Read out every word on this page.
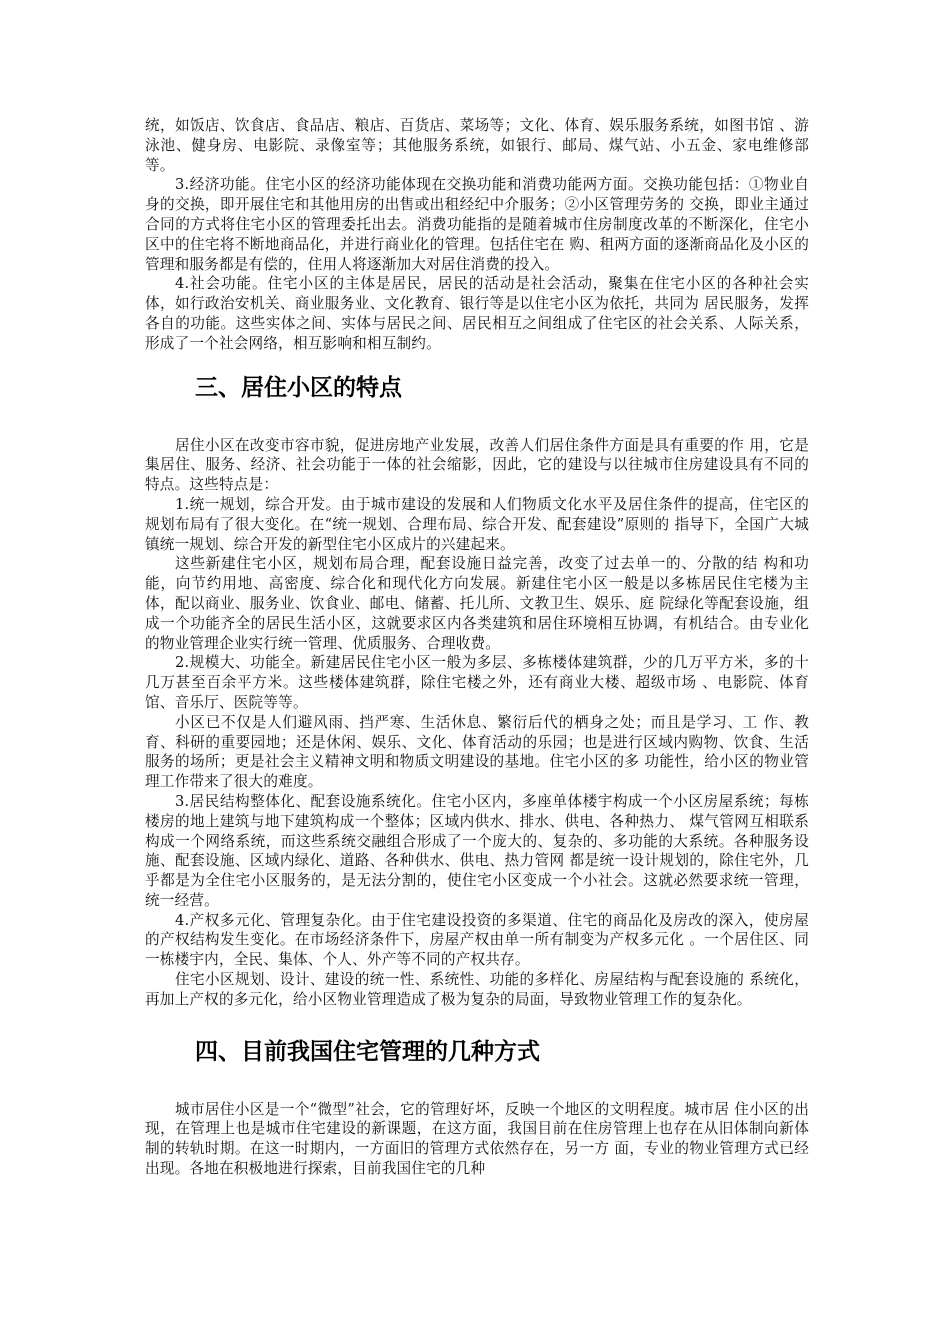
统，如饭店、饮食店、食品店、粮店、百货店、菜场等；文化、体育、娱乐服务系统，如图书馆 、游泳池、健身房、电影院、录像室等；其他服务系统，如银行、邮局、煤气站、小五金、家电维修部等。

3.经济功能。住宅小区的经济功能体现在交换功能和消费功能两方面。交换功能包括：①物业自身的交换，即开展住宅和其他用房的出售或出租经纪中介服务；②小区管理劳务的 交换，即业主通过合同的方式将住宅小区的管理委托出去。消费功能指的是随着城市住房制度改革的不断深化，住宅小区中的住宅将不断地商品化，并进行商业化的管理。包括住宅在 购、租两方面的逐渐商品化及小区的管理和服务都是有偿的，住用人将逐渐加大对居住消费的投入。

4.社会功能。住宅小区的主体是居民，居民的活动是社会活动，聚集在住宅小区的各种社会实体，如行政治安机关、商业服务业、文化教育、银行等是以住宅小区为依托，共同为 居民服务，发挥各自的功能。这些实体之间、实体与居民之间、居民相互之间组成了住宅区的社会关系、人际关系，形成了一个社会网络，相互影响和相互制约。

三、居住小区的特点

居住小区在改变市容市貌，促进房地产业发展，改善人们居住条件方面是具有重要的作 用，它是集居住、服务、经济、社会功能于一体的社会缩影，因此，它的建设与以往城市住房建设具有不同的特点。这些特点是：

1.统一规划，综合开发。由于城市建设的发展和人们物质文化水平及居住条件的提高，住宅区的规划布局有了很大变化。在“统一规划、合理布局、综合开发、配套建设”原则的 指导下，全国广大城镇统一规划、综合开发的新型住宅小区成片的兴建起来。

这些新建住宅小区，规划布局合理，配套设施日益完善，改变了过去单一的、分散的结 构和功能，向节约用地、高密度、综合化和现代化方向发展。新建住宅小区一般是以多栋居民住宅楼为主体，配以商业、服务业、饮食业、邮电、储蓄、托儿所、文教卫生、娱乐、庭 院绿化等配套设施，组成一个功能齐全的居民生活小区，这就要求区内各类建筑和居住环境相互协调，有机结合。由专业化的物业管理企业实行统一管理、优质服务、合理收费。

2.规模大、功能全。新建居民住宅小区一般为多层、多栋楼体建筑群，少的几万平方米，多的十几万甚至百余平方米。这些楼体建筑群，除住宅楼之外，还有商业大楼、超级市场 、电影院、体育馆、音乐厅、医院等等。

小区已不仅是人们避风雨、挡严寒、生活休息、繁衍后代的栖身之处；而且是学习、工 作、教育、科研的重要园地；还是休闲、娱乐、文化、体育活动的乐园；也是进行区域内购物、饮食、生活服务的场所；更是社会主义精神文明和物质文明建设的基地。住宅小区的多 功能性，给小区的物业管理工作带来了很大的难度。

3.居民结构整体化、配套设施系统化。住宅小区内，多座单体楼宇构成一个小区房屋系统；每栋楼房的地上建筑与地下建筑构成一个整体；区域内供水、排水、供电、各种热力、 煤气管网互相联系构成一个网络系统，而这些系统交融组合形成了一个庞大的、复杂的、多功能的大系统。各种服务设施、配套设施、区域内绿化、道路、各种供水、供电、热力管网 都是统一设计规划的，除住宅外，几乎都是为全住宅小区服务的，是无法分割的，使住宅小区变成一个小社会。这就必然要求统一管理，统一经营。

4.产权多元化、管理复杂化。由于住宅建设投资的多渠道、住宅的商品化及房改的深入，使房屋的产权结构发生变化。在市场经济条件下，房屋产权由单一所有制变为产权多元化 。一个居住区、同一栋楼宇内，全民、集体、个人、外产等不同的产权共存。

住宅小区规划、设计、建设的统一性、系统性、功能的多样化、房屋结构与配套设施的 系统化，再加上产权的多元化，给小区物业管理造成了极为复杂的局面，导致物业管理工作的复杂化。

四、目前我国住宅管理的几种方式

城市居住小区是一个“微型”社会，它的管理好坏，反映一个地区的文明程度。城市居 住小区的出现，在管理上也是城市住宅建设的新课题，在这方面，我国目前在住房管理上也存在从旧体制向新体制的转轨时期。在这一时期内，一方面旧的管理方式依然存在，另一方 面，专业的物业管理方式已经出现。各地在积极地进行探索，目前我国住宅的几种
